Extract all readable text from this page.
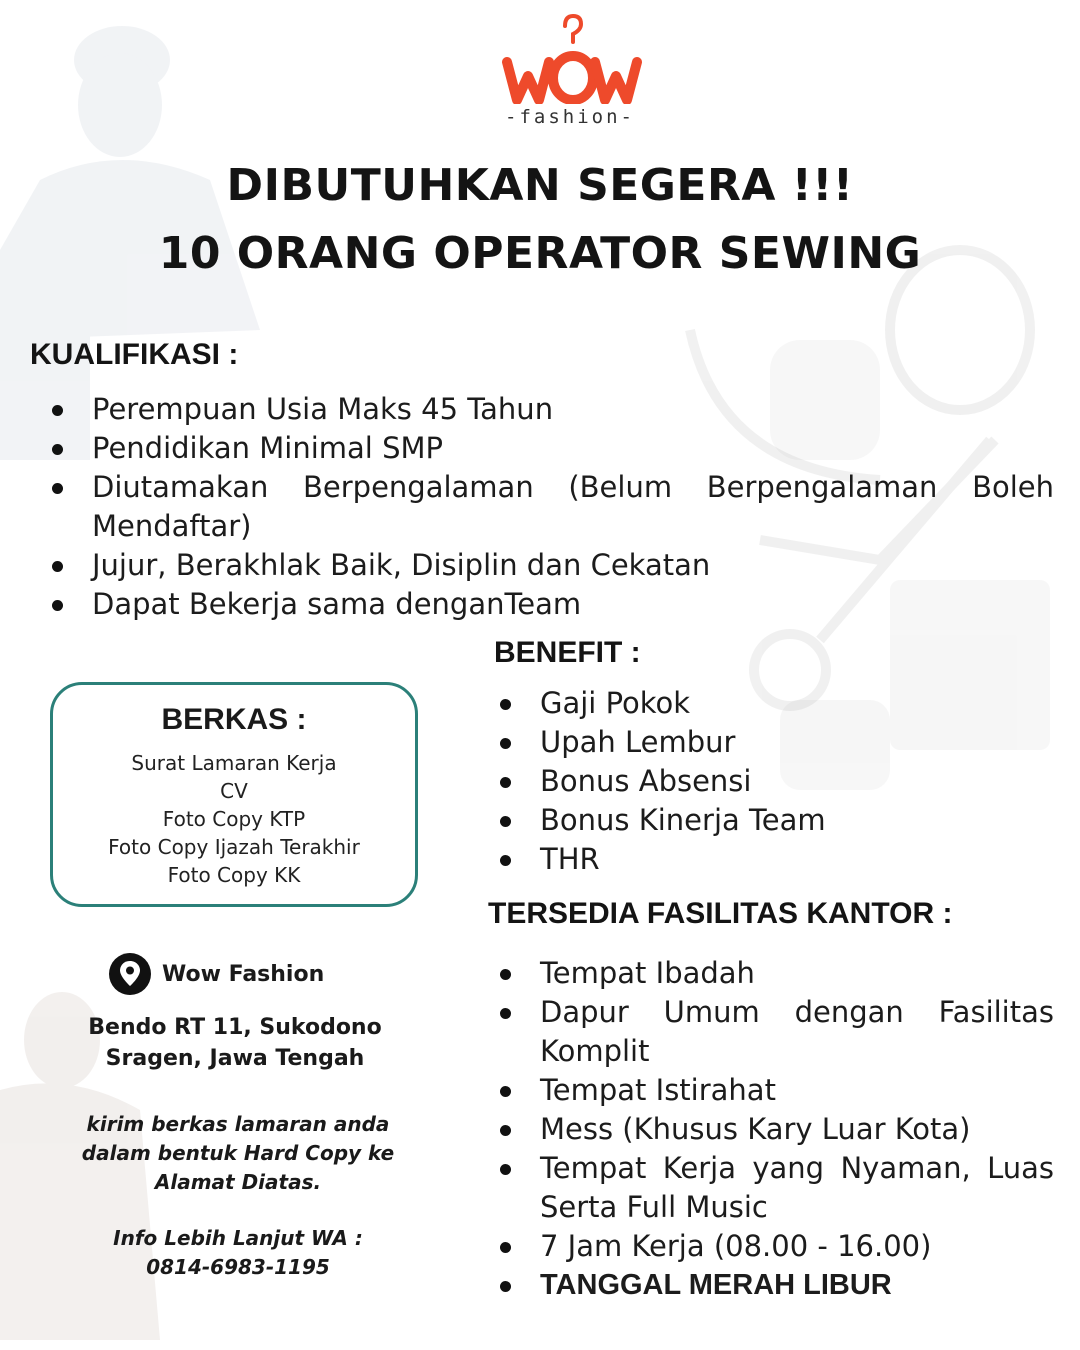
-fashion-
DIBUTUHKAN SEGERA !!!
10 ORANG OPERATOR SEWING
KUALIFIKASI :
Perempuan Usia Maks 45 Tahun
Pendidikan Minimal SMP
Diutamakan Berpengalaman (Belum Berpengalaman Boleh Mendaftar)
Jujur, Berakhlak Baik, Disiplin dan Cekatan
Dapat Bekerja sama denganTeam
BENEFIT :
Gaji Pokok
Upah Lembur
Bonus Absensi
Bonus Kinerja Team
THR
TERSEDIA FASILITAS KANTOR :
Tempat Ibadah
Dapur Umum dengan Fasilitas Komplit
Tempat Istirahat
Mess (Khusus Kary Luar Kota)
Tempat Kerja yang Nyaman, Luas Serta Full Music
7 Jam Kerja (08.00 - 16.00)
TANGGAL MERAH LIBUR
BERKAS :
Surat Lamaran Kerja
CV
Foto Copy KTP
Foto Copy Ijazah Terakhir
Foto Copy KK
Wow Fashion
Bendo RT 11, Sukodono
Sragen, Jawa Tengah
kirim berkas lamaran anda
dalam bentuk Hard Copy ke
Alamat Diatas.
Info Lebih Lanjut WA :
0814-6983-1195
